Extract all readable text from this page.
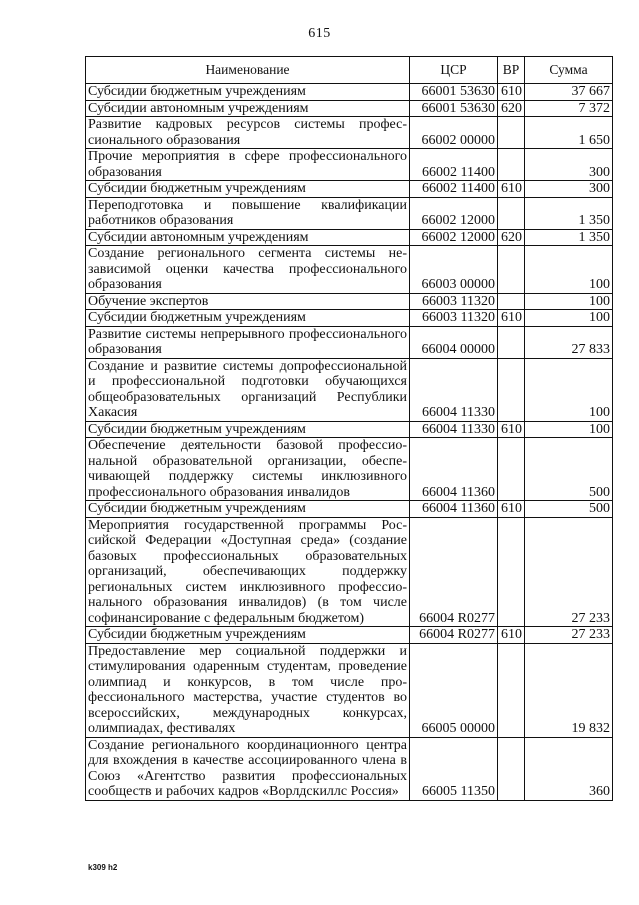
615
Наименование	ЦСР	ВР	Сумма
Субсидии бюджетным учреждениям	66001 53630	610	37 667
Субсидии автономным учреждениям	66001 53630	620	7 372
Развитие кадровых ресурсов системы профессионального образования	66002 00000		1 650
Прочие мероприятия в сфере профессионального образования	66002 11400		300
Субсидии бюджетным учреждениям	66002 11400	610	300
Переподготовка и повышение квалификации работников образования	66002 12000		1 350
Субсидии автономным учреждениям	66002 12000	620	1 350
Создание регионального сегмента системы независимой оценки качества профессионального образования	66003 00000		100
Обучение экспертов	66003 11320		100
Субсидии бюджетным учреждениям	66003 11320	610	100
Развитие системы непрерывного профессионального образования	66004 00000		27 833
Создание и развитие системы допрофессиональной и профессиональной подготовки обучающихся общеобразовательных организаций Республики Хакасия	66004 11330		100
Субсидии бюджетным учреждениям	66004 11330	610	100
Обеспечение деятельности базовой профессиональной образовательной организации, обеспечивающей поддержку системы инклюзивного профессионального образования инвалидов	66004 11360		500
Субсидии бюджетным учреждениям	66004 11360	610	500
Мероприятия государственной программы Российской Федерации «Доступная среда» (создание базовых профессиональных образовательных организаций, обеспечивающих поддержку региональных систем инклюзивного профессионального образования инвалидов) (в том числе софинансирование с федеральным бюджетом)	66004 R0277		27 233
Субсидии бюджетным учреждениям	66004 R0277	610	27 233
Предоставление мер социальной поддержки и стимулирования одаренным студентам, проведение олимпиад и конкурсов, в том числе профессионального мастерства, участие студентов во всероссийских, международных конкурсах, олимпиадах, фестивалях	66005 00000		19 832
Создание регионального координационного центра для вхождения в качестве ассоциированного члена в Союз «Агентство развития профессиональных сообществ и рабочих кадров «Ворлдскиллс Россия»	66005 11350		360
k309 h2
